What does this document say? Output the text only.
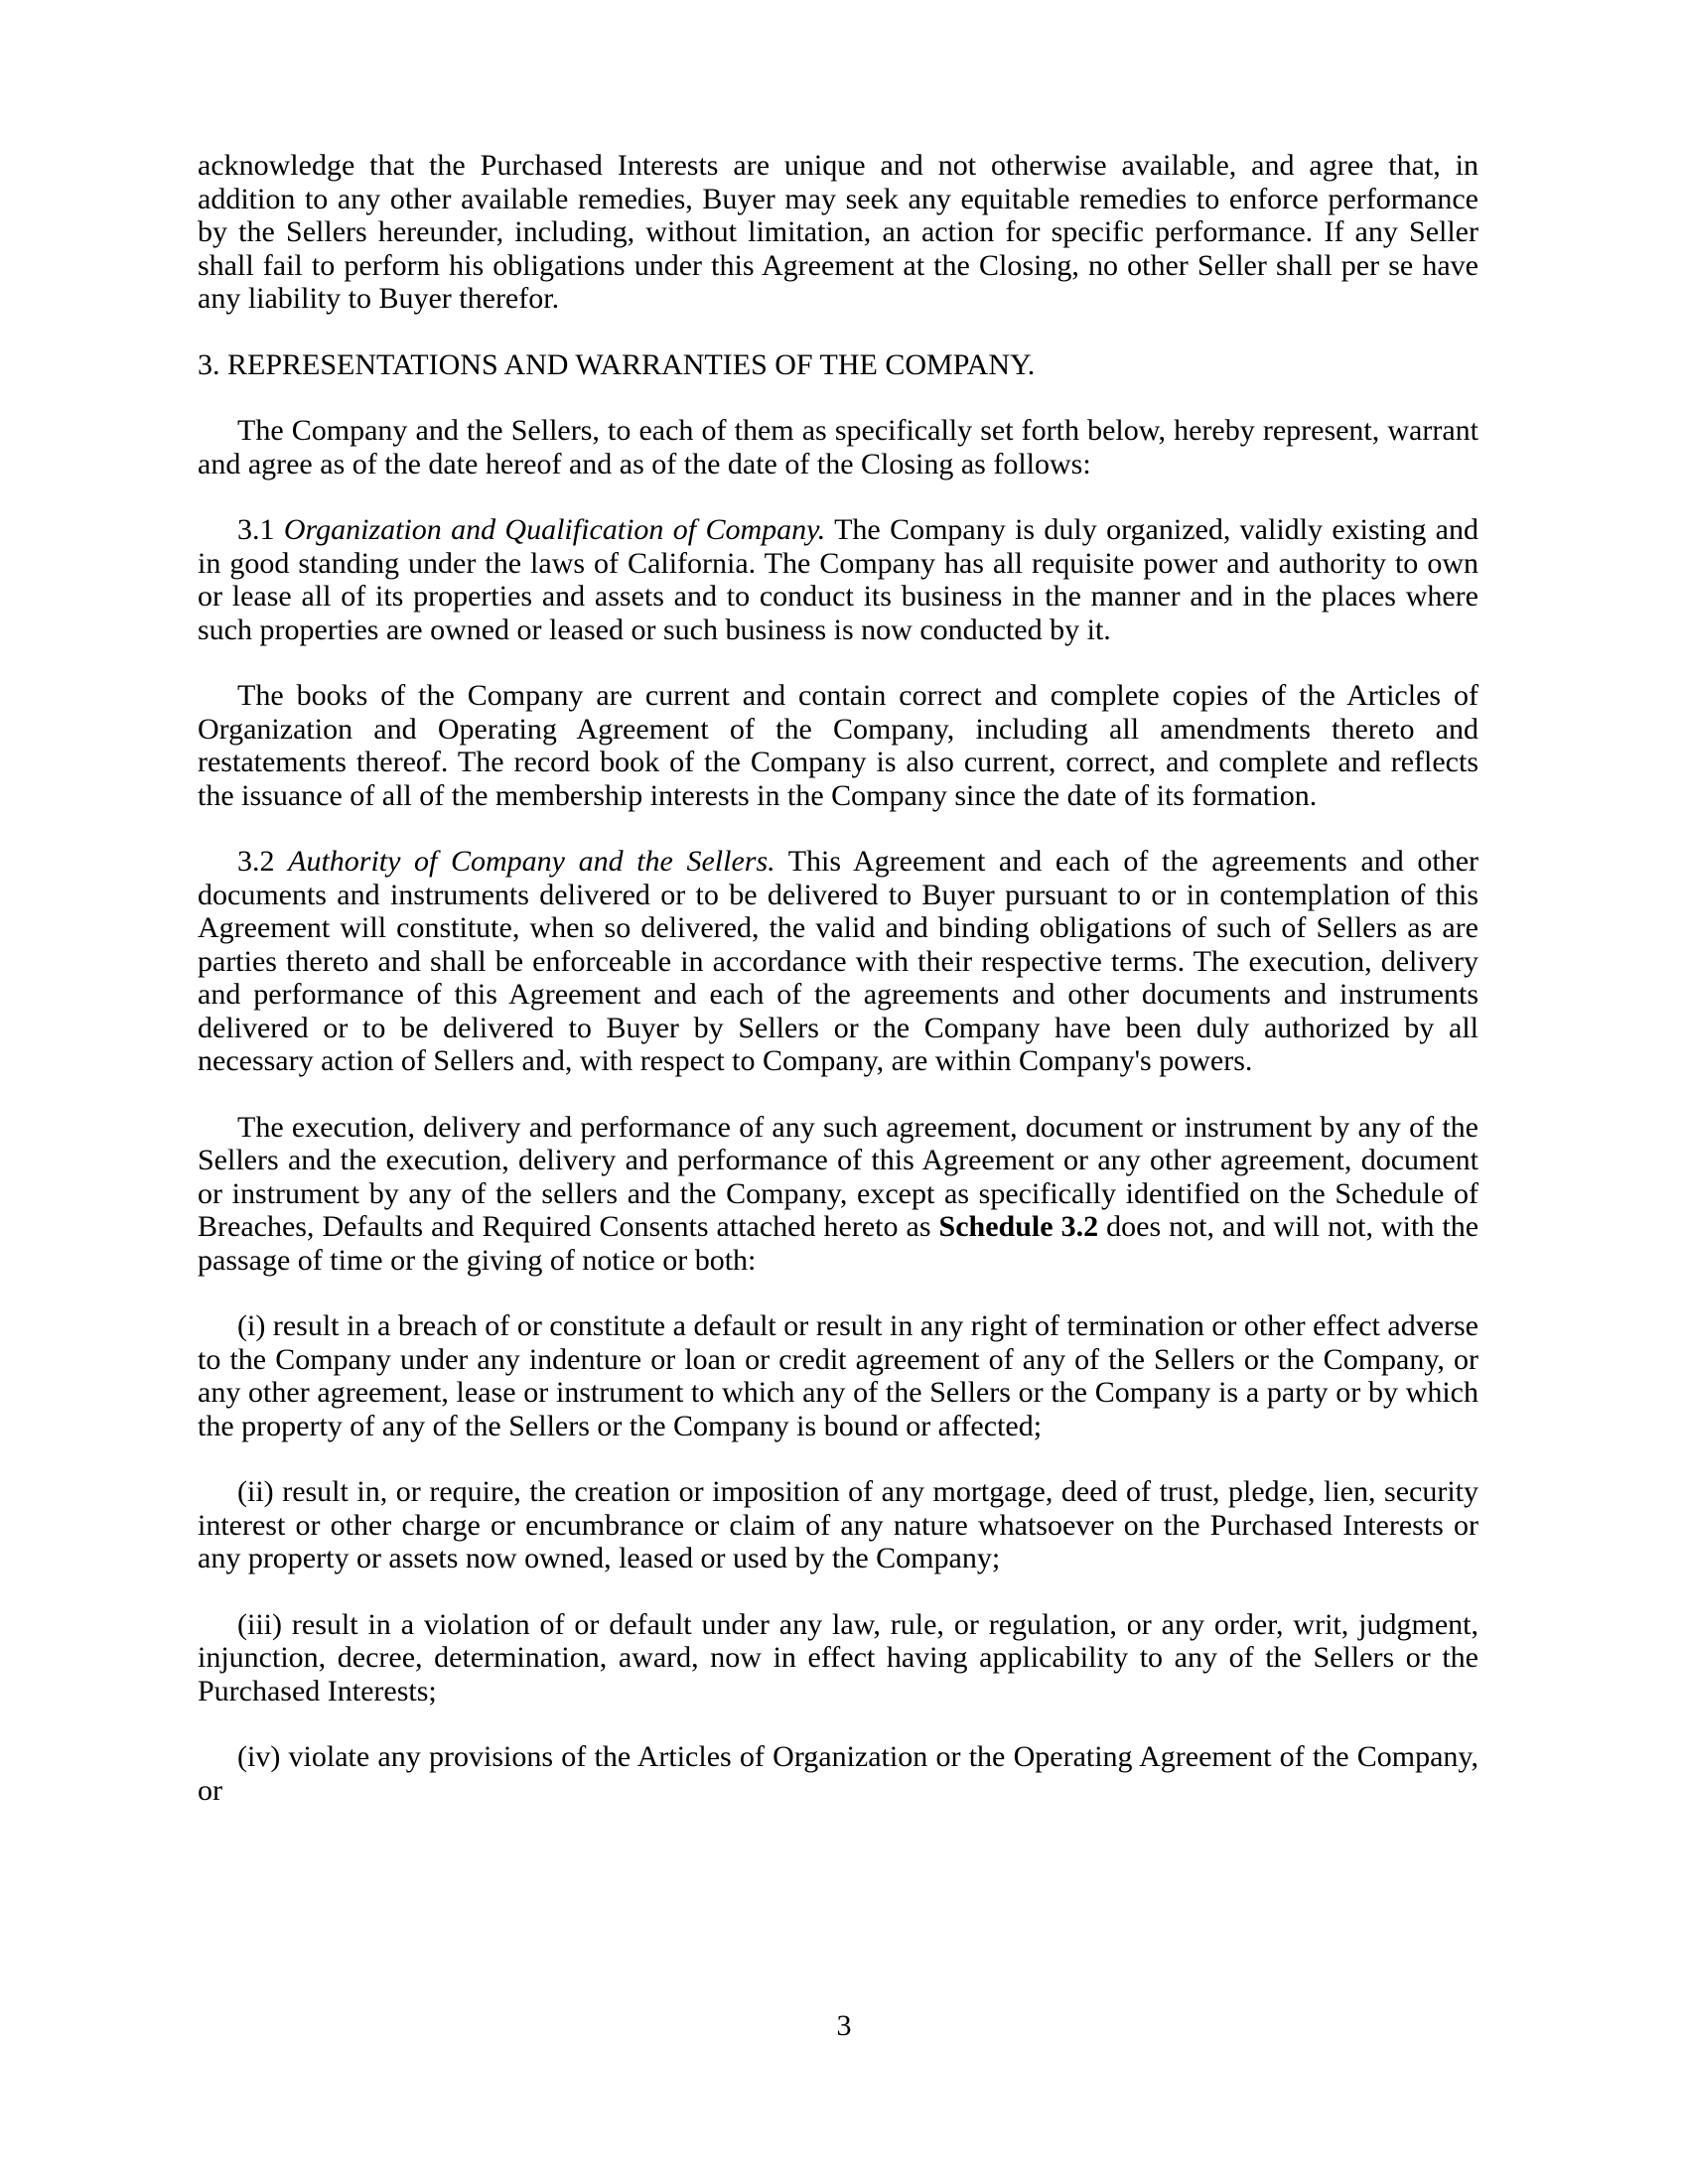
acknowledge that the Purchased Interests are unique and not otherwise available, and agree that, in addition to any other available remedies, Buyer may seek any equitable remedies to enforce performance by the Sellers hereunder, including, without limitation, an action for specific performance. If any Seller shall fail to perform his obligations under this Agreement at the Closing, no other Seller shall per se have any liability to Buyer therefor.

3. REPRESENTATIONS AND WARRANTIES OF THE COMPANY.

The Company and the Sellers, to each of them as specifically set forth below, hereby represent, warrant and agree as of the date hereof and as of the date of the Closing as follows:

3.1 Organization and Qualification of Company. The Company is duly organized, validly existing and in good standing under the laws of California. The Company has all requisite power and authority to own or lease all of its properties and assets and to conduct its business in the manner and in the places where such properties are owned or leased or such business is now conducted by it.

The books of the Company are current and contain correct and complete copies of the Articles of Organization and Operating Agreement of the Company, including all amendments thereto and restatements thereof. The record book of the Company is also current, correct, and complete and reflects the issuance of all of the membership interests in the Company since the date of its formation.

3.2 Authority of Company and the Sellers. This Agreement and each of the agreements and other documents and instruments delivered or to be delivered to Buyer pursuant to or in contemplation of this Agreement will constitute, when so delivered, the valid and binding obligations of such of Sellers as are parties thereto and shall be enforceable in accordance with their respective terms. The execution, delivery and performance of this Agreement and each of the agreements and other documents and instruments delivered or to be delivered to Buyer by Sellers or the Company have been duly authorized by all necessary action of Sellers and, with respect to Company, are within Company's powers.

The execution, delivery and performance of any such agreement, document or instrument by any of the Sellers and the execution, delivery and performance of this Agreement or any other agreement, document or instrument by any of the sellers and the Company, except as specifically identified on the Schedule of Breaches, Defaults and Required Consents attached hereto as Schedule 3.2 does not, and will not, with the passage of time or the giving of notice or both:

(i) result in a breach of or constitute a default or result in any right of termination or other effect adverse to the Company under any indenture or loan or credit agreement of any of the Sellers or the Company, or any other agreement, lease or instrument to which any of the Sellers or the Company is a party or by which the property of any of the Sellers or the Company is bound or affected;

(ii) result in, or require, the creation or imposition of any mortgage, deed of trust, pledge, lien, security interest or other charge or encumbrance or claim of any nature whatsoever on the Purchased Interests or any property or assets now owned, leased or used by the Company;

(iii) result in a violation of or default under any law, rule, or regulation, or any order, writ, judgment, injunction, decree, determination, award, now in effect having applicability to any of the Sellers or the Purchased Interests;

(iv) violate any provisions of the Articles of Organization or the Operating Agreement of the Company, or

3
